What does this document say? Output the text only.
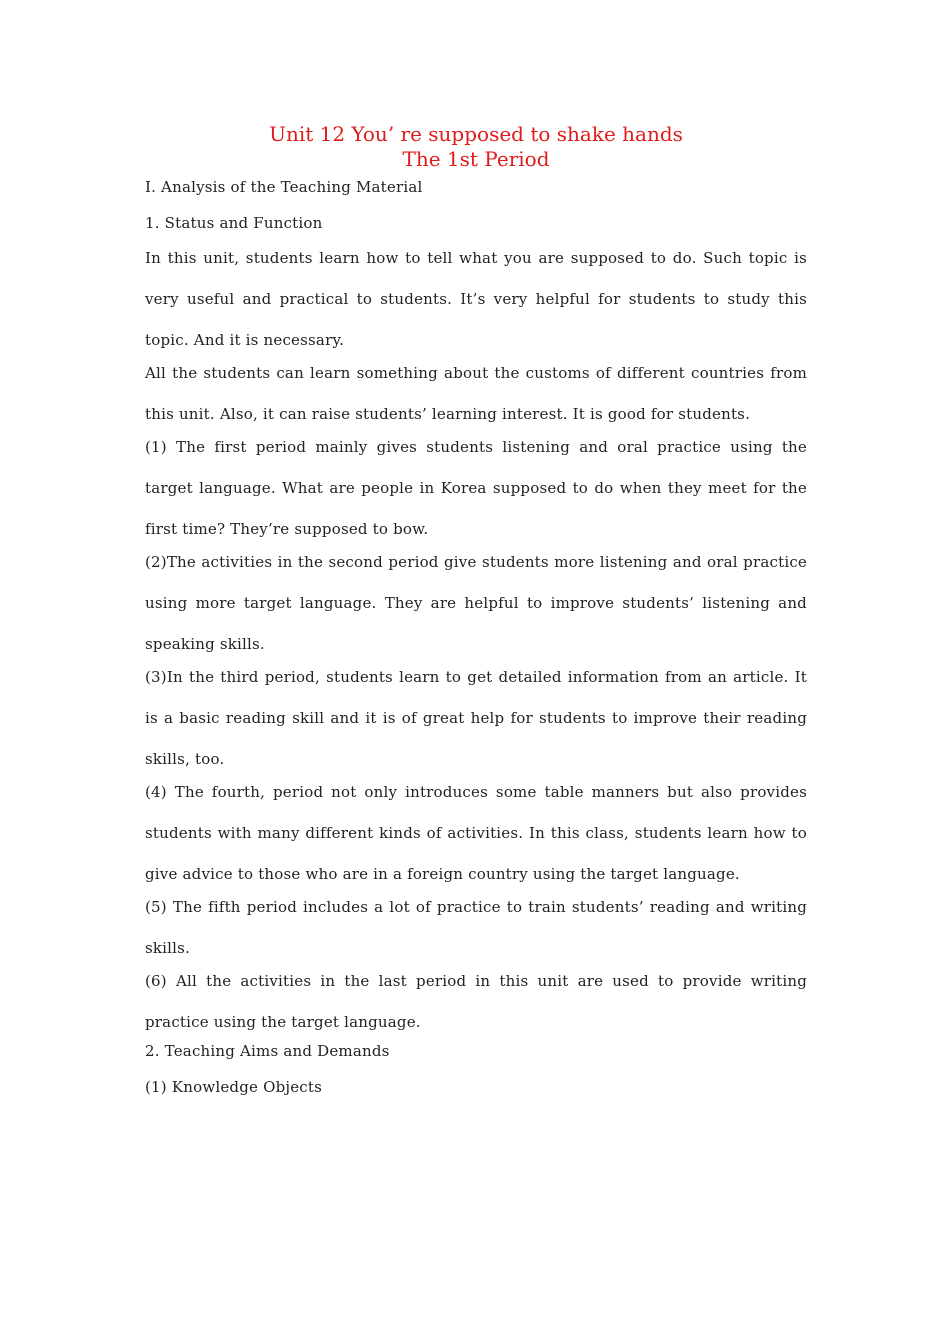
Unit 12 You’ re supposed to shake hands
The 1st Period
Ⅰ. Analysis of the Teaching Material
1. Status and Function
In this unit, students learn how to tell what you are supposed to do. Such topic is very useful and practical to students. It’s very helpful for students to study this topic. And it is necessary.
All the students can learn something about the customs of different countries from this unit. Also, it can raise students’ learning interest. It is good for students.
(1) The first period mainly gives students listening and oral practice using the target language. What are people in Korea supposed to do when they meet for the first time? They’re supposed to bow.
(2)The activities in the second period give students more listening and oral practice using more target language. They are helpful to improve students’ listening and speaking skills.
(3)In the third period, students learn to get detailed information from an article. It is a basic reading skill and it is of great help for students to improve their reading skills, too.
(4) The fourth, period not only introduces some table manners but also provides students with many different kinds of activities. In this class, students learn how to give advice to those who are in a foreign country using the target language.
(5) The fifth period includes a lot of practice to train students’ reading and writing skills.
(6) All the activities in the last period in this unit are used to provide writing practice using the target language.
2. Teaching Aims and Demands
(1) Knowledge Objects
